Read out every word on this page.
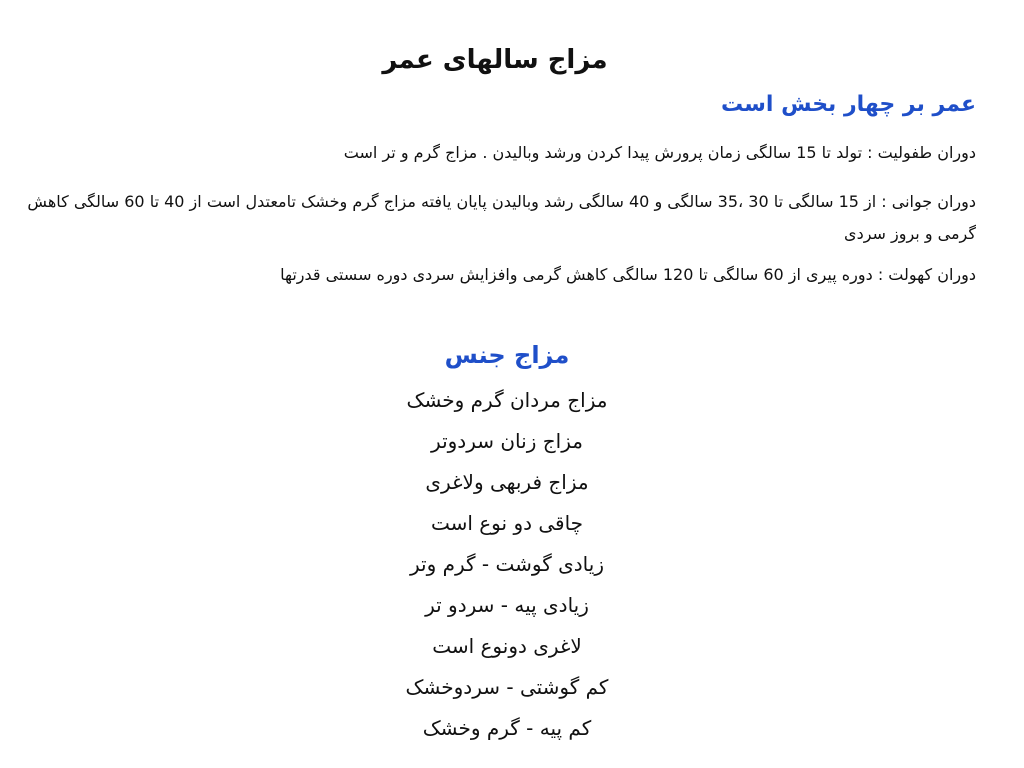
مزاج سالهای عمر
عمر بر چهار بخش است
دوران طفولیت : تولد تا 15 سالگی زمان پرورش پیدا کردن ورشد وبالیدن . مزاج گرم و تر است
دوران جوانی : از 15 سالگی تا 30 ،35 سالگی و 40 سالگی رشد وبالیدن پایان یافته مزاج گرم وخشک تامعتدل است از 40 تا 60 سالگی کاهش گرمی و بروز سردی
دوران کهولت : دوره پیری از 60 سالگی تا 120 سالگی کاهش گرمی وافزایش سردی دوره سستی قدرتها
مزاج جنس
مزاج مردان گرم وخشک
مزاج زنان سردوتر
مزاج فربهی ولاغری
چاقی دو نوع است
زیادی گوشت - گرم وتر
زیادی پیه - سردو تر
لاغری دونوع است
کم گوشتی - سردوخشک
کم پیه - گرم وخشک
